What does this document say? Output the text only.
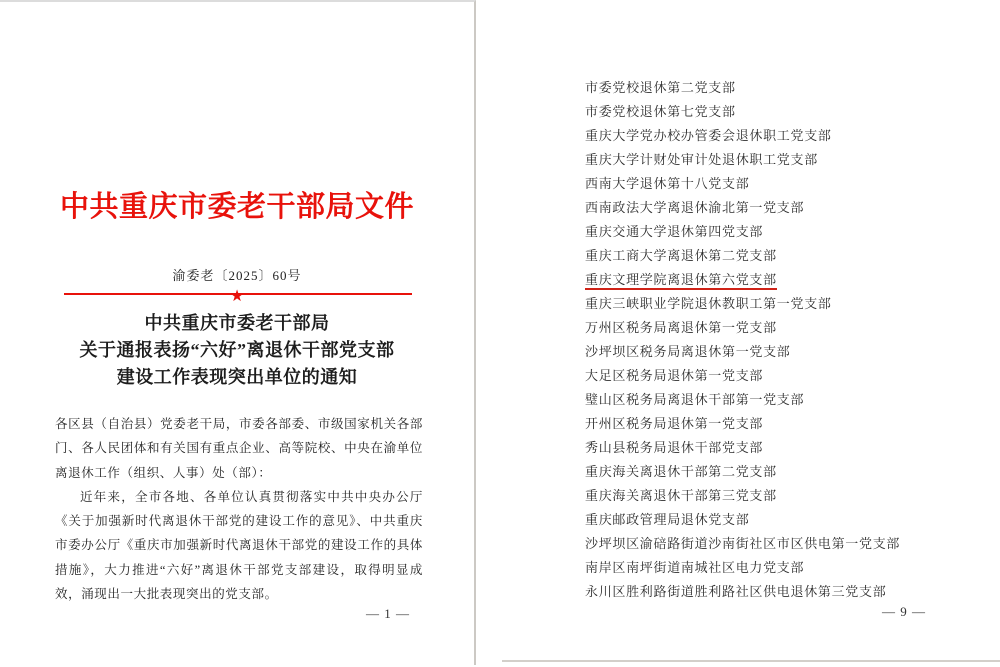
中共重庆市委老干部局文件
渝委老〔2025〕60号
★
中共重庆市委老干部局
关于通报表扬“六好”离退休干部党支部
建设工作表现突出单位的通知

各区县（自治县）党委老干局，市委各部委、市级国家机关各部门、各人民团体和有关国有重点企业、高等院校、中央在渝单位离退休工作（组织、人事）处（部）：

近年来，全市各地、各单位认真贯彻落实中共中央办公厅《关于加强新时代离退休干部党的建设工作的意见》、中共重庆市委办公厅《重庆市加强新时代离退休干部党的建设工作的具体措施》，大力推进“六好”离退休干部党支部建设，取得明显成效，涌现出一大批表现突出的党支部。

— 1 —
市委党校退休第二党支部
市委党校退休第七党支部
重庆大学党办校办管委会退休职工党支部
重庆大学计财处审计处退休职工党支部
西南大学退休第十八党支部
西南政法大学离退休渝北第一党支部
重庆交通大学退休第四党支部
重庆工商大学离退休第二党支部
重庆文理学院离退休第六党支部
重庆三峡职业学院退休教职工第一党支部
万州区税务局离退休第一党支部
沙坪坝区税务局离退休第一党支部
大足区税务局退休第一党支部
璧山区税务局离退休干部第一党支部
开州区税务局退休第一党支部
秀山县税务局退休干部党支部
重庆海关离退休干部第二党支部
重庆海关离退休干部第三党支部
重庆邮政管理局退休党支部
沙坪坝区渝碚路街道沙南街社区市区供电第一党支部
南岸区南坪街道南城社区电力党支部
永川区胜利路街道胜利路社区供电退休第三党支部
— 9 —
